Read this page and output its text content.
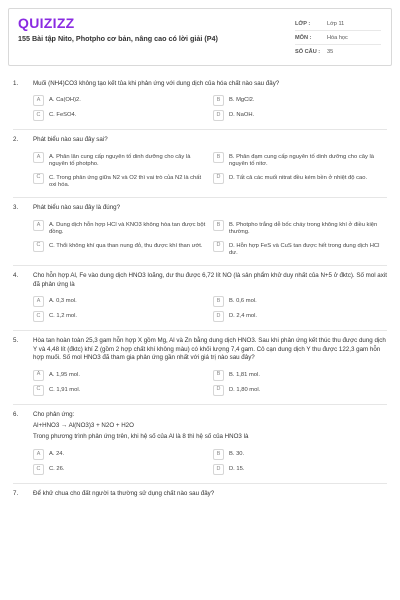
QUIZIZZ
155 Bài tập Nito, Photpho cơ bản, nâng cao có lời giải (P4)
LỚP :	Lớp 11
MÔN :	Hóa học
SỐ CÂU :	35
1.	Muối (NH4)CO3 không tạo kết tủa khi phản ứng với dung dịch của hóa chất nào sau đây?
A	A. Ca(OH)2.	B	B. MgCl2.
C	C. FeSO4.	D	D. NaOH.
2.	Phát biểu nào sau đây sai?
A	A. Phân lân cung cấp nguyên tố dinh dưỡng cho cây là nguyên tố photpho.
B	B. Phân đạm cung cấp nguyên tố dinh dưỡng cho cây là nguyên tố nitơ.
C	C. Trong phản ứng giữa N2 và O2 thì vai trò của N2 là chất oxi hóa.
D	D. Tất cả các muối nitrat đều kém bền ở nhiệt độ cao.
3.	Phát biểu nào sau đây là đúng?
A	A. Dung dịch hỗn hợp HCl và KNO3 không hòa tan được bột đồng.
B	B. Photpho trắng dễ bốc cháy trong không khí ở điều kiện thường.
C	C. Thổi không khí qua than nung đỏ, thu được khí than ướt.	D	D. Hỗn hợp FeS và CuS tan được hết trong dung dịch HCl dư.
4.	Cho hỗn hợp Al, Fe vào dung dịch HNO3 loãng, dư thu được 6,72 lít NO (là sản phẩm khử duy nhất của N+5 ở đktc). Số mol axit đã phản ứng là
A	A. 0,3 mol.	B	B. 0,6 mol.
C	C. 1,2 mol.	D	D. 2,4 mol.
5.	Hòa tan hoàn toàn 25,3 gam hỗn hợp X gồm Mg, Al và Zn bằng dung dịch HNO3. Sau khi phản ứng kết thúc thu được dung dịch Y và 4,48 lít (đktc) khí Z (gồm 2 hợp chất khí không màu) có khối lượng 7,4 gam. Cô cạn dung dịch Y thu được 122,3 gam hỗn hợp muối. Số mol HNO3 đã tham gia phản ứng gần nhất với giá trị nào sau đây?
A	A. 1,95 mol.	B	B. 1,81 mol.
C	C. 1,91 mol.	D	D. 1,80 mol.
6.	Cho phản ứng:
Al+HNO3 → Al(NO3)3 + N2O + H2O
Trong phương trình phản ứng trên, khi hệ số của Al là 8 thì hệ số của HNO3 là
A	A. 24.	B	B. 30.
C	C. 26.	D	D. 15.
7.	Để khử chua cho đất người ta thường sử dụng chất nào sau đây?
